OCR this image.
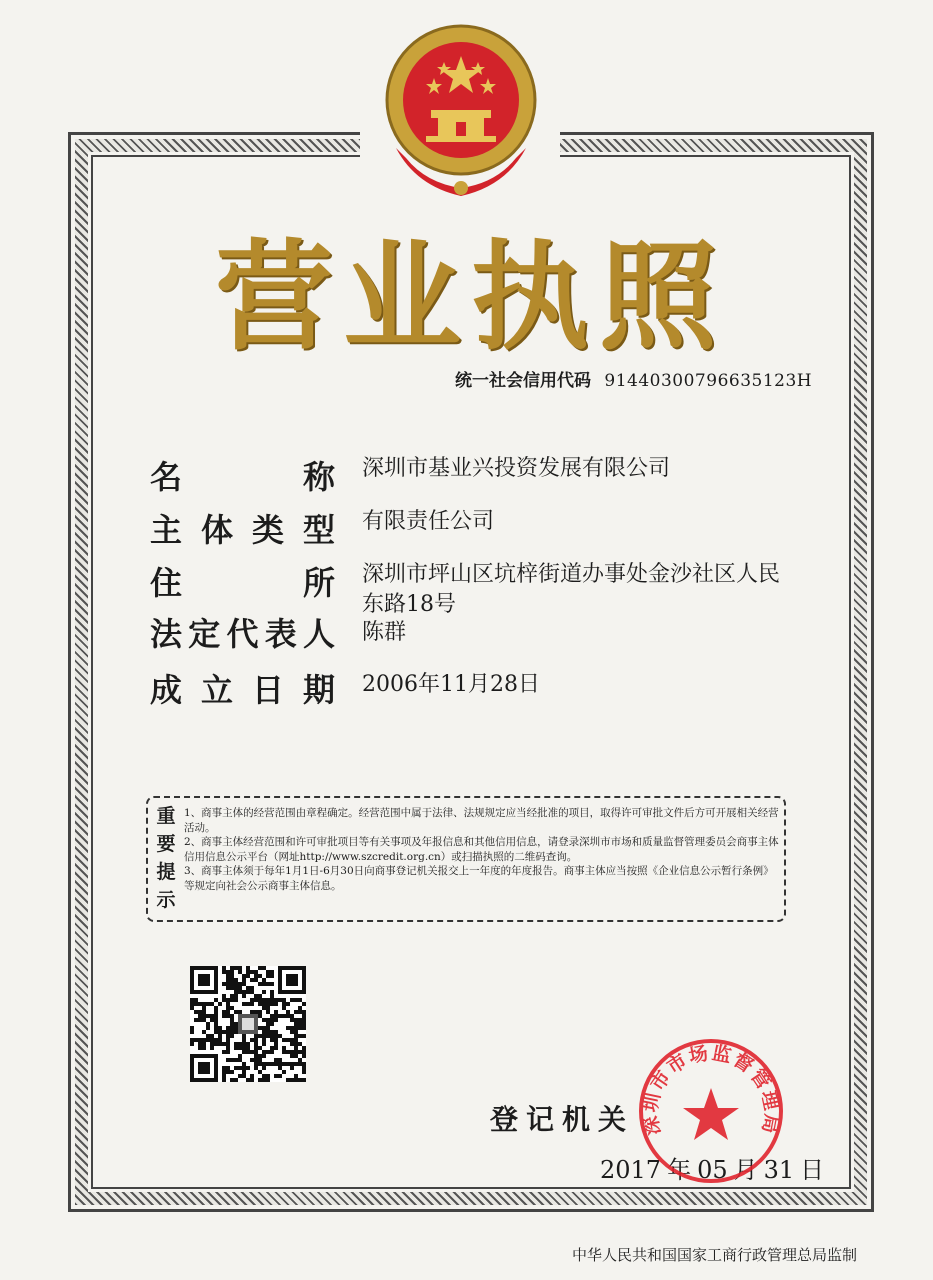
营业执照
统一社会信用代码 91440300796635123H
名	称 深圳市基业兴投资发展有限公司
主 体 类 型 有限责任公司
住	所 深圳市坪山区坑梓街道办事处金沙社区人民东路18号
法 定 代 表 人 陈群
成 立 日 期 2006年11月28日
重
要
提
示

1、商事主体的经营范围由章程确定。经营范围中属于法律、法规规定应当经批准的项目，取得许可审批文件后方可开展相关经营活动。

2、商事主体经营范围和许可审批项目等有关事项及年报信息和其他信用信息，请登录深圳市市场和质量监督管理委员会商事主体信用信息公示平台（网址http://www.szcredit.org.cn）或扫描执照的二维码查询。

3、商事主体须于每年1月1日-6月30日向商事登记机关报交上一年度的年度报告。商事主体应当按照《企业信息公示暂行条例》等规定向社会公示商事主体信息。

登记机关
2017 年 05 月 31 日
深圳市市场监督管理局
中华人民共和国国家工商行政管理总局监制
